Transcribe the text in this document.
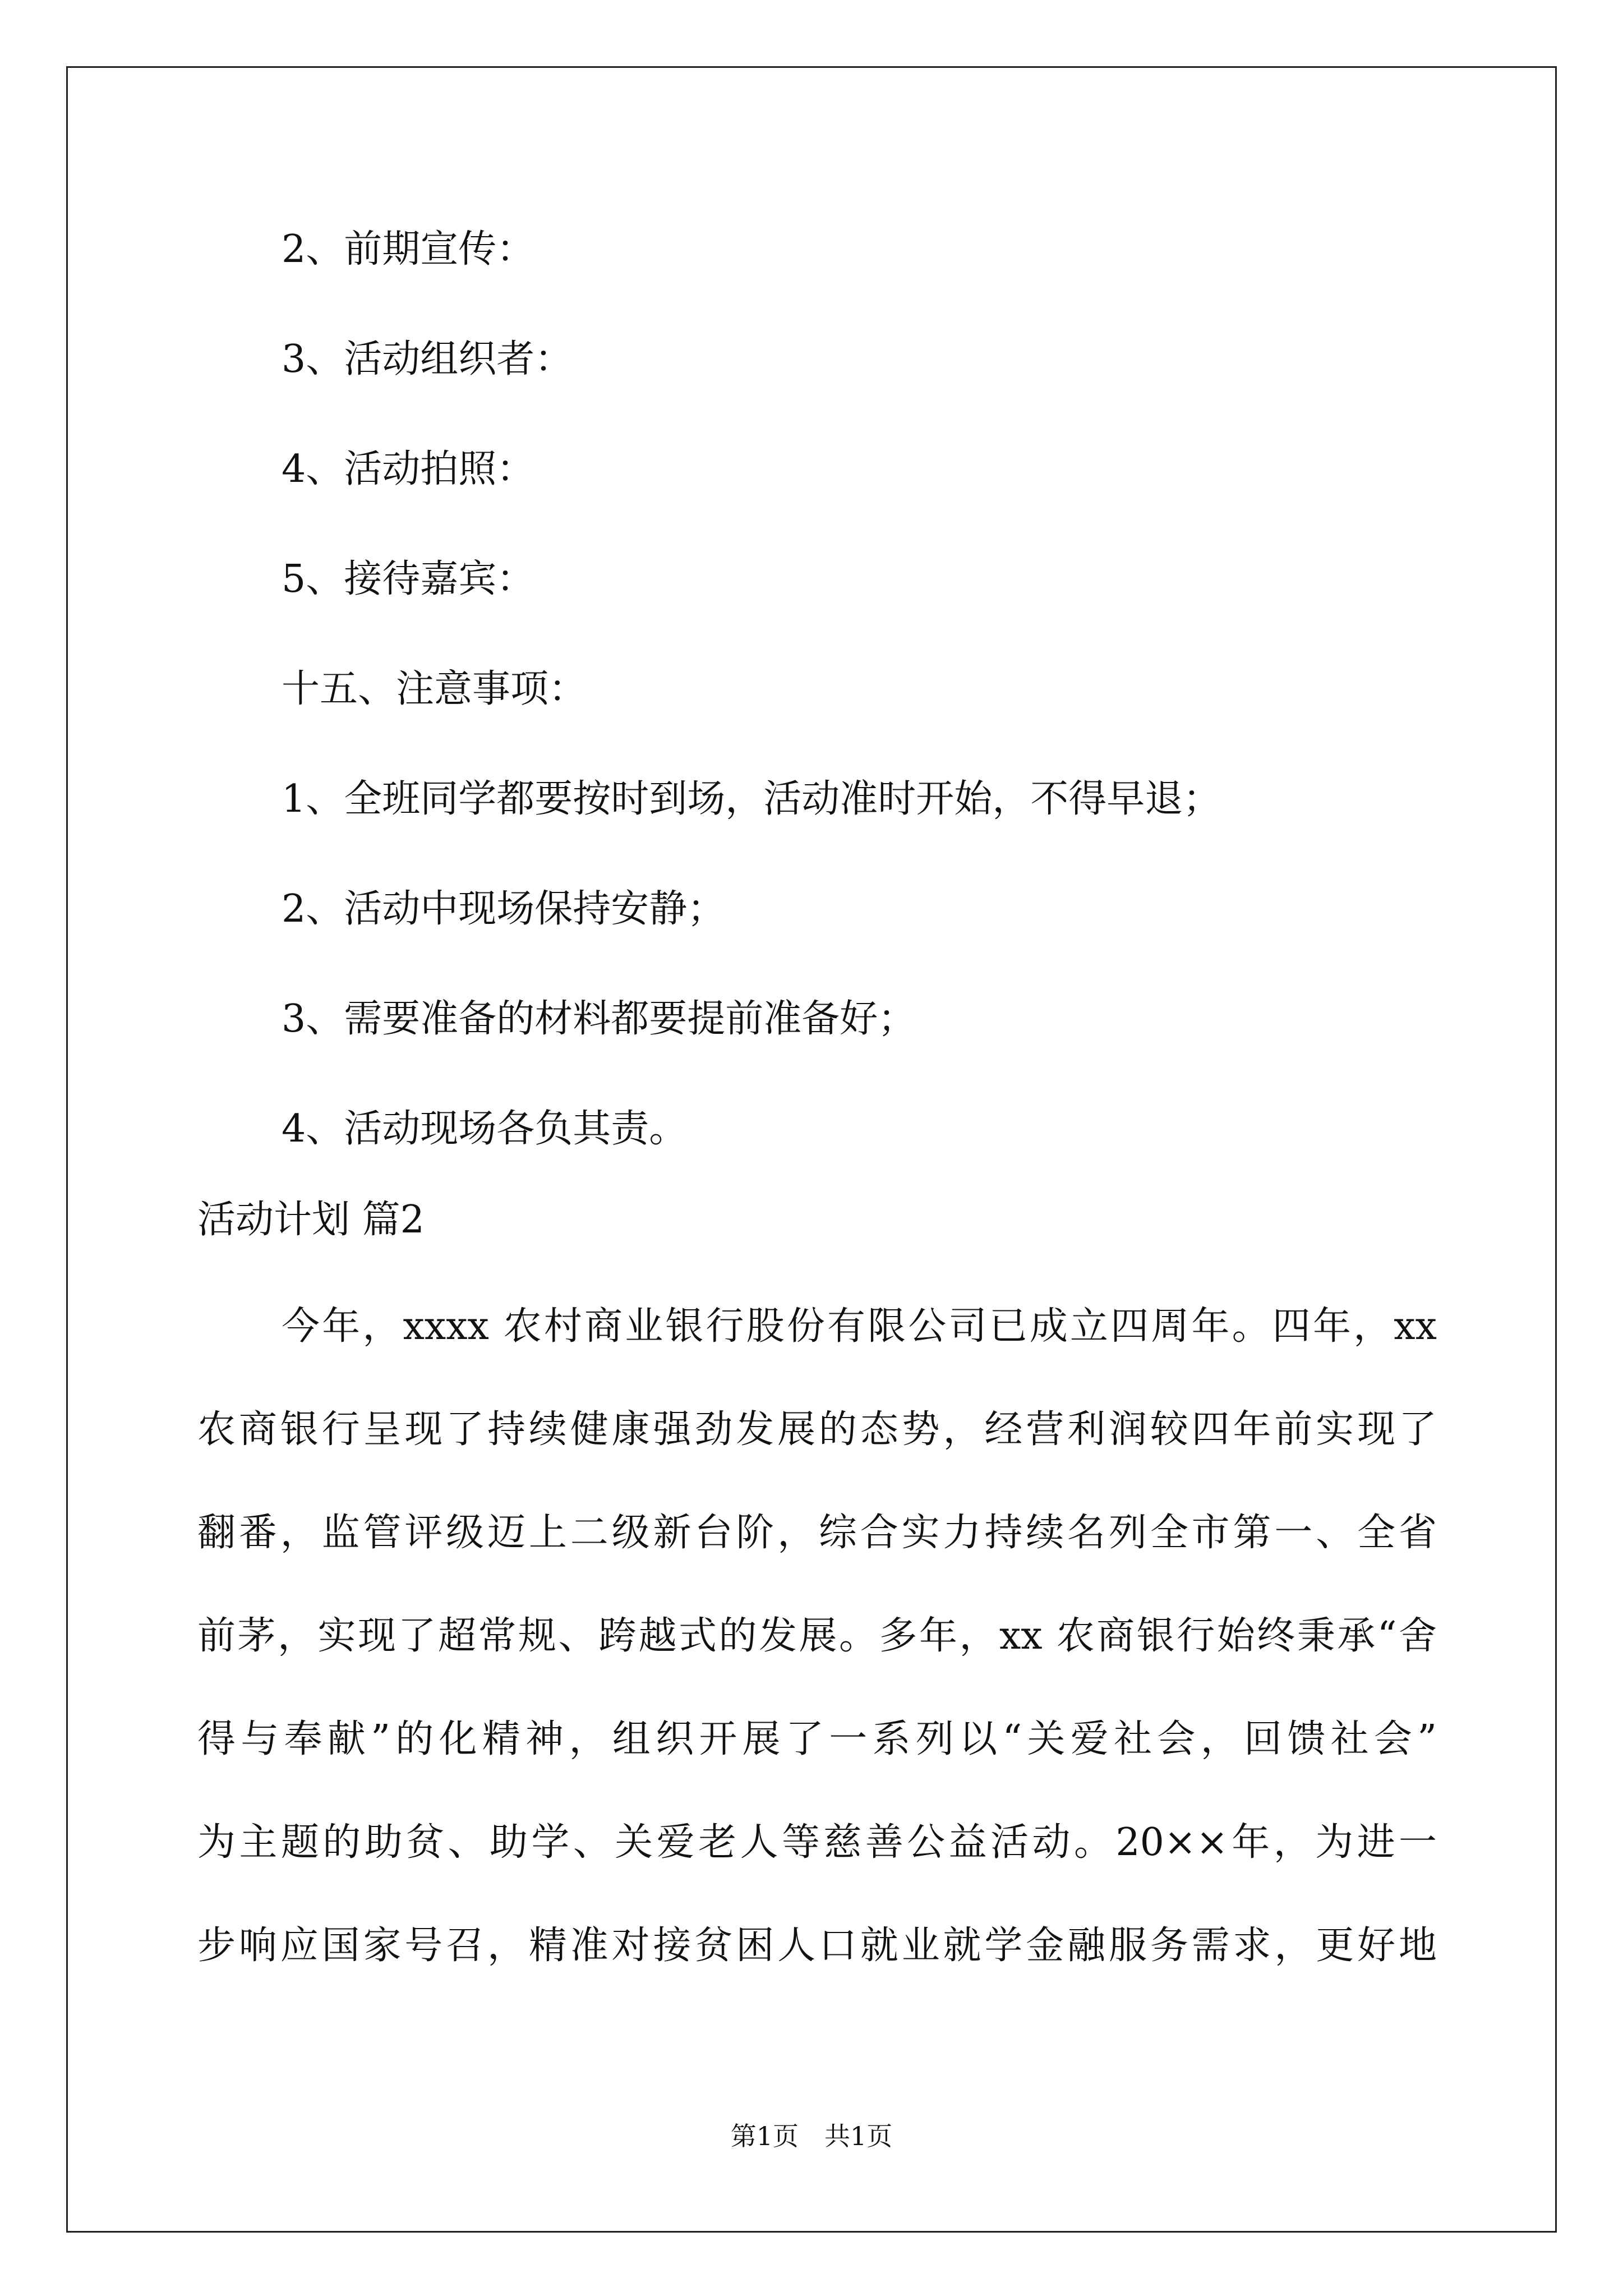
2、前期宣传：
3、活动组织者：
4、活动拍照：
5、接待嘉宾：
十五、注意事项：
1、全班同学都要按时到场，活动准时开始，不得早退；
2、活动中现场保持安静；
3、需要准备的材料都要提前准备好；
4、活动现场各负其责。
活动计划 篇2
今年，xxxx 农村商业银行股份有限公司已成立四周年。四年，xx
农商银行呈现了持续健康强劲发展的态势，经营利润较四年前实现了
翻番，监管评级迈上二级新台阶，综合实力持续名列全市第一、全省
前茅，实现了超常规、跨越式的发展。多年，xx 农商银行始终秉承“舍
得与奉献”的化精神，组织开展了一系列以“关爱社会，回馈社会”
为主题的助贫、助学、关爱老人等慈善公益活动。20××年，为进一
步响应国家号召，精准对接贫困人口就业就学金融服务需求，更好地
第1页　共1页
